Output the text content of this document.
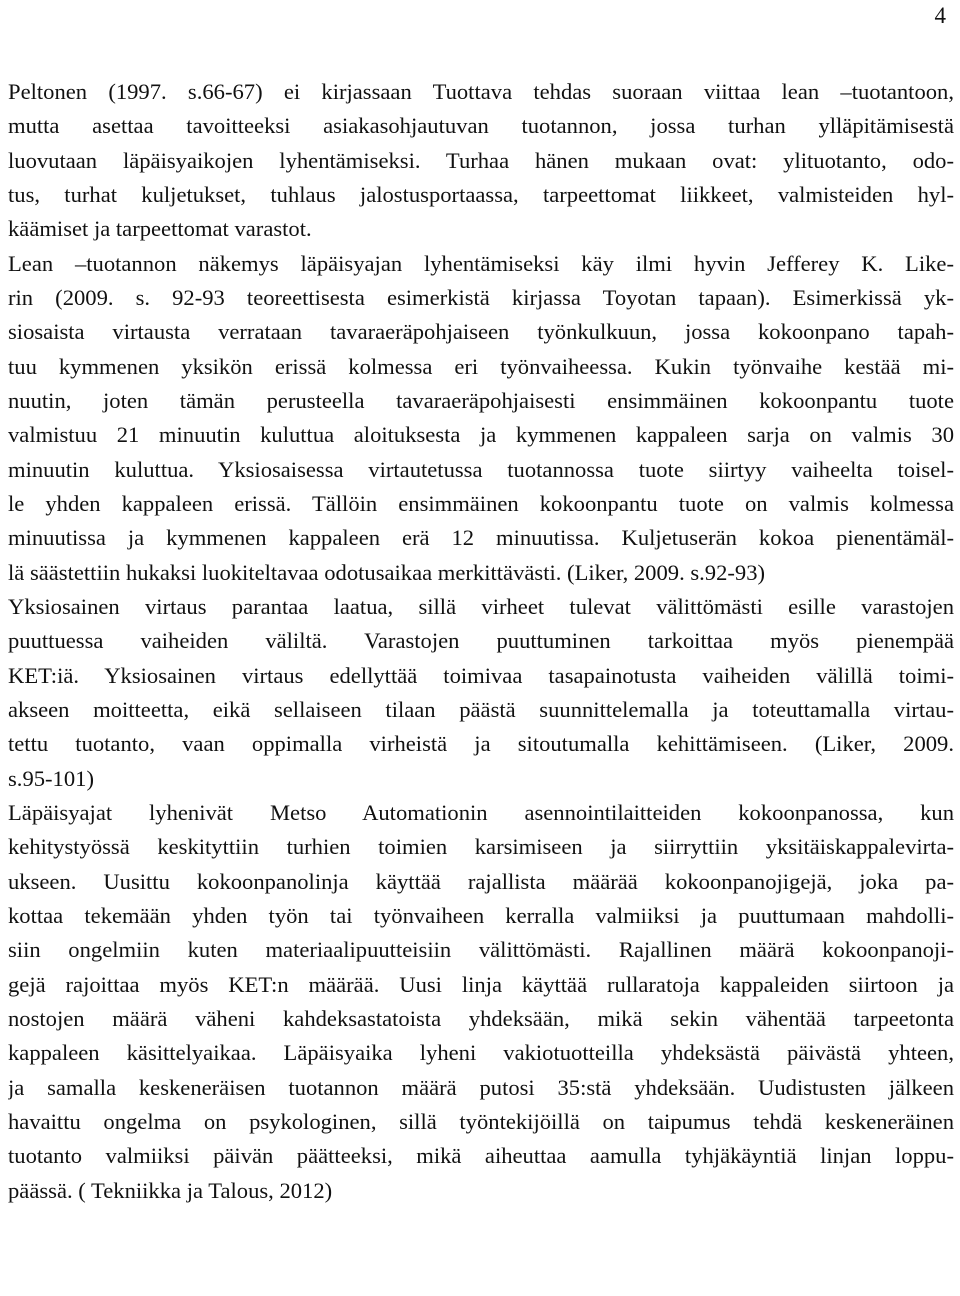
4
Peltonen (1997. s.66-67) ei kirjassaan Tuottava tehdas suoraan viittaa lean –tuotantoon,
mutta asettaa tavoitteeksi asiakasohjautuvan tuotannon, jossa turhan ylläpitämisestä
luovutaan läpäisyaikojen lyhentämiseksi. Turhaa hänen mukaan ovat: ylituotanto, odo-
tus, turhat kuljetukset, tuhlaus jalostusportaassa, tarpeettomat liikkeet, valmisteiden hyl-
käämiset ja tarpeettomat varastot.
Lean –tuotannon näkemys läpäisyajan lyhentämiseksi käy ilmi hyvin Jefferey K. Like-
rin (2009. s. 92-93 teoreettisesta esimerkistä kirjassa Toyotan tapaan). Esimerkissä yk-
siosaista virtausta verrataan tavaraeräpohjaiseen työnkulkuun, jossa kokoonpano tapah-
tuu kymmenen yksikön erissä kolmessa eri työnvaiheessa. Kukin työnvaihe kestää mi-
nuutin, joten tämän perusteella tavaraeräpohjaisesti ensimmäinen kokoonpantu tuote
valmistuu 21 minuutin kuluttua aloituksesta ja kymmenen kappaleen sarja on valmis 30
minuutin kuluttua. Yksiosaisessa virtautetussa tuotannossa tuote siirtyy vaiheelta toisel-
le yhden kappaleen erissä. Tällöin ensimmäinen kokoonpantu tuote on valmis kolmessa
minuutissa ja kymmenen kappaleen erä 12 minuutissa. Kuljetuserän kokoa pienentämäl-
lä säästettiin hukaksi luokiteltavaa odotusaikaa merkittävästi. (Liker, 2009. s.92-93)
Yksiosainen virtaus parantaa laatua, sillä virheet tulevat välittömästi esille varastojen
puuttuessa vaiheiden väliltä. Varastojen puuttuminen tarkoittaa myös pienempää
KET:iä. Yksiosainen virtaus edellyttää toimivaa tasapainotusta vaiheiden välillä toimi-
akseen moitteetta, eikä sellaiseen tilaan päästä suunnittelemalla ja toteuttamalla virtau-
tettu tuotanto, vaan oppimalla virheistä ja sitoutumalla kehittämiseen. (Liker, 2009.
s.95-101)
Läpäisyajat lyhenivät Metso Automationin asennointilaitteiden kokoonpanossa, kun
kehitystyössä keskityttiin turhien toimien karsimiseen ja siirryttiin yksitäiskappalevirta-
ukseen. Uusittu kokoonpanolinja käyttää rajallista määrää kokoonpanojigejä, joka pa-
kottaa tekemään yhden työn tai työnvaiheen kerralla valmiiksi ja puuttumaan mahdolli-
siin ongelmiin kuten materiaalipuutteisiin välittömästi. Rajallinen määrä kokoonpanoji-
gejä rajoittaa myös KET:n määrää. Uusi linja käyttää rullaratoja kappaleiden siirtoon ja
nostojen määrä väheni kahdeksastatoista yhdeksään, mikä sekin vähentää tarpeetonta
kappaleen käsittelyaikaa. Läpäisyaika lyheni vakiotuotteilla yhdeksästä päivästä yhteen,
ja samalla keskeneräisen tuotannon määrä putosi 35:stä yhdeksään. Uudistusten jälkeen
havaittu ongelma on psykologinen, sillä työntekijöillä on taipumus tehdä keskeneräinen
tuotanto valmiiksi päivän päätteeksi, mikä aiheuttaa aamulla tyhjäkäyntiä linjan loppu-
päässä. ( Tekniikka ja Talous, 2012)
